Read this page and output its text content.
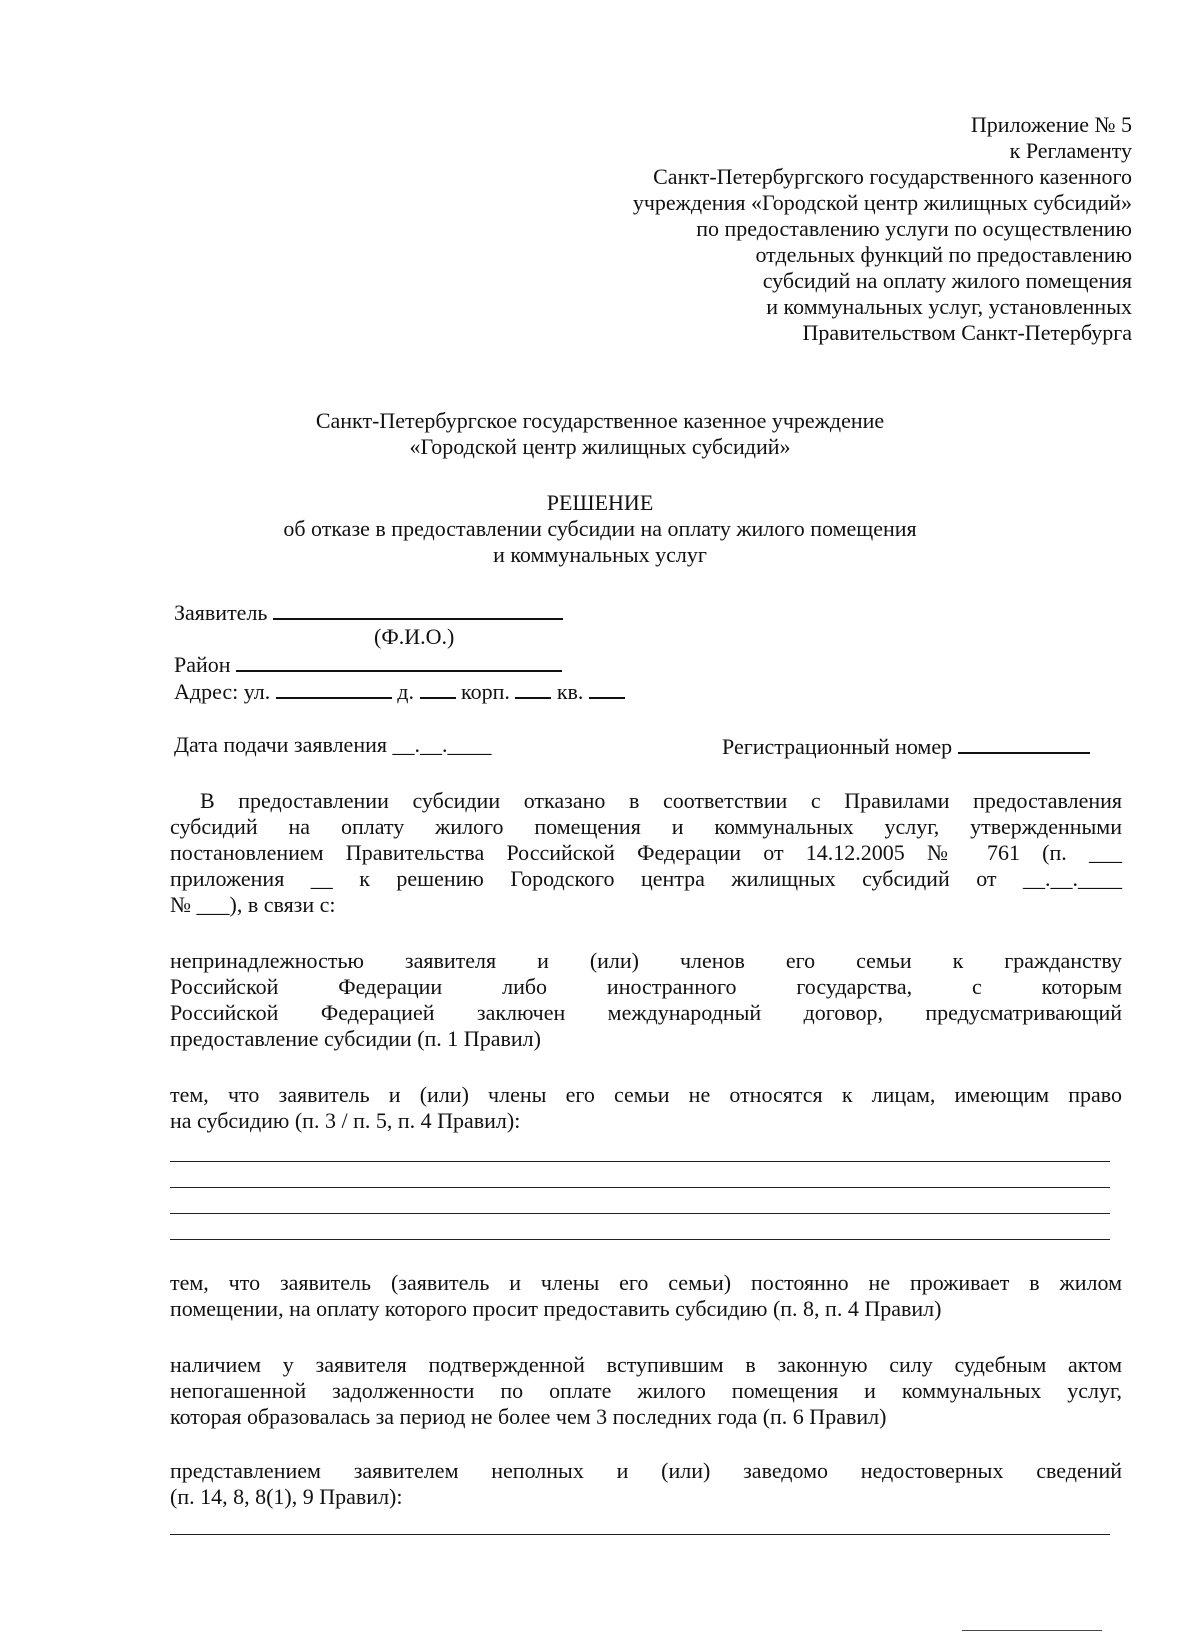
Приложение № 5
к Регламенту
Санкт-Петербургского государственного казенного
учреждения «Городской центр жилищных субсидий»
по предоставлению услуги по осуществлению
отдельных функций по предоставлению
субсидий на оплату жилого помещения
и коммунальных услуг, установленных
Правительством Санкт-Петербурга
Санкт-Петербургское государственное казенное учреждение
«Городской центр жилищных субсидий»
РЕШЕНИЕ
об отказе в предоставлении субсидии на оплату жилого помещения
и коммунальных услуг
Заявитель
(Ф.И.О.)
Район
Адрес: ул.	д. корп. кв.
Дата подачи заявления __.__.____	Регистрационный номер
В предоставлении субсидии отказано в соответствии с Правилами предоставления
субсидий на оплату жилого помещения и коммунальных услуг, утвержденными
постановлением Правительства Российской Федерации от 14.12.2005 № 761 (п. ___
приложения __ к решению Городского центра жилищных субсидий от __.__.____
№ ___), в связи с:
непринадлежностью заявителя и (или) членов его семьи к гражданству
Российской Федерации либо иностранного государства, с которым
Российской Федерацией заключен международный договор, предусматривающий
предоставление субсидии (п. 1 Правил)
тем, что заявитель и (или) члены его семьи не относятся к лицам, имеющим право
на субсидию (п. 3 / п. 5, п. 4 Правил):
тем, что заявитель (заявитель и члены его семьи) постоянно не проживает в жилом
помещении, на оплату которого просит предоставить субсидию (п. 8, п. 4 Правил)
наличием у заявителя подтвержденной вступившим в законную силу судебным актом
непогашенной задолженности по оплате жилого помещения и коммунальных услуг,
которая образовалась за период не более чем 3 последних года (п. 6 Правил)
представлением заявителем неполных и (или) заведомо недостоверных сведений
(п. 14, 8, 8(1), 9 Правил):
